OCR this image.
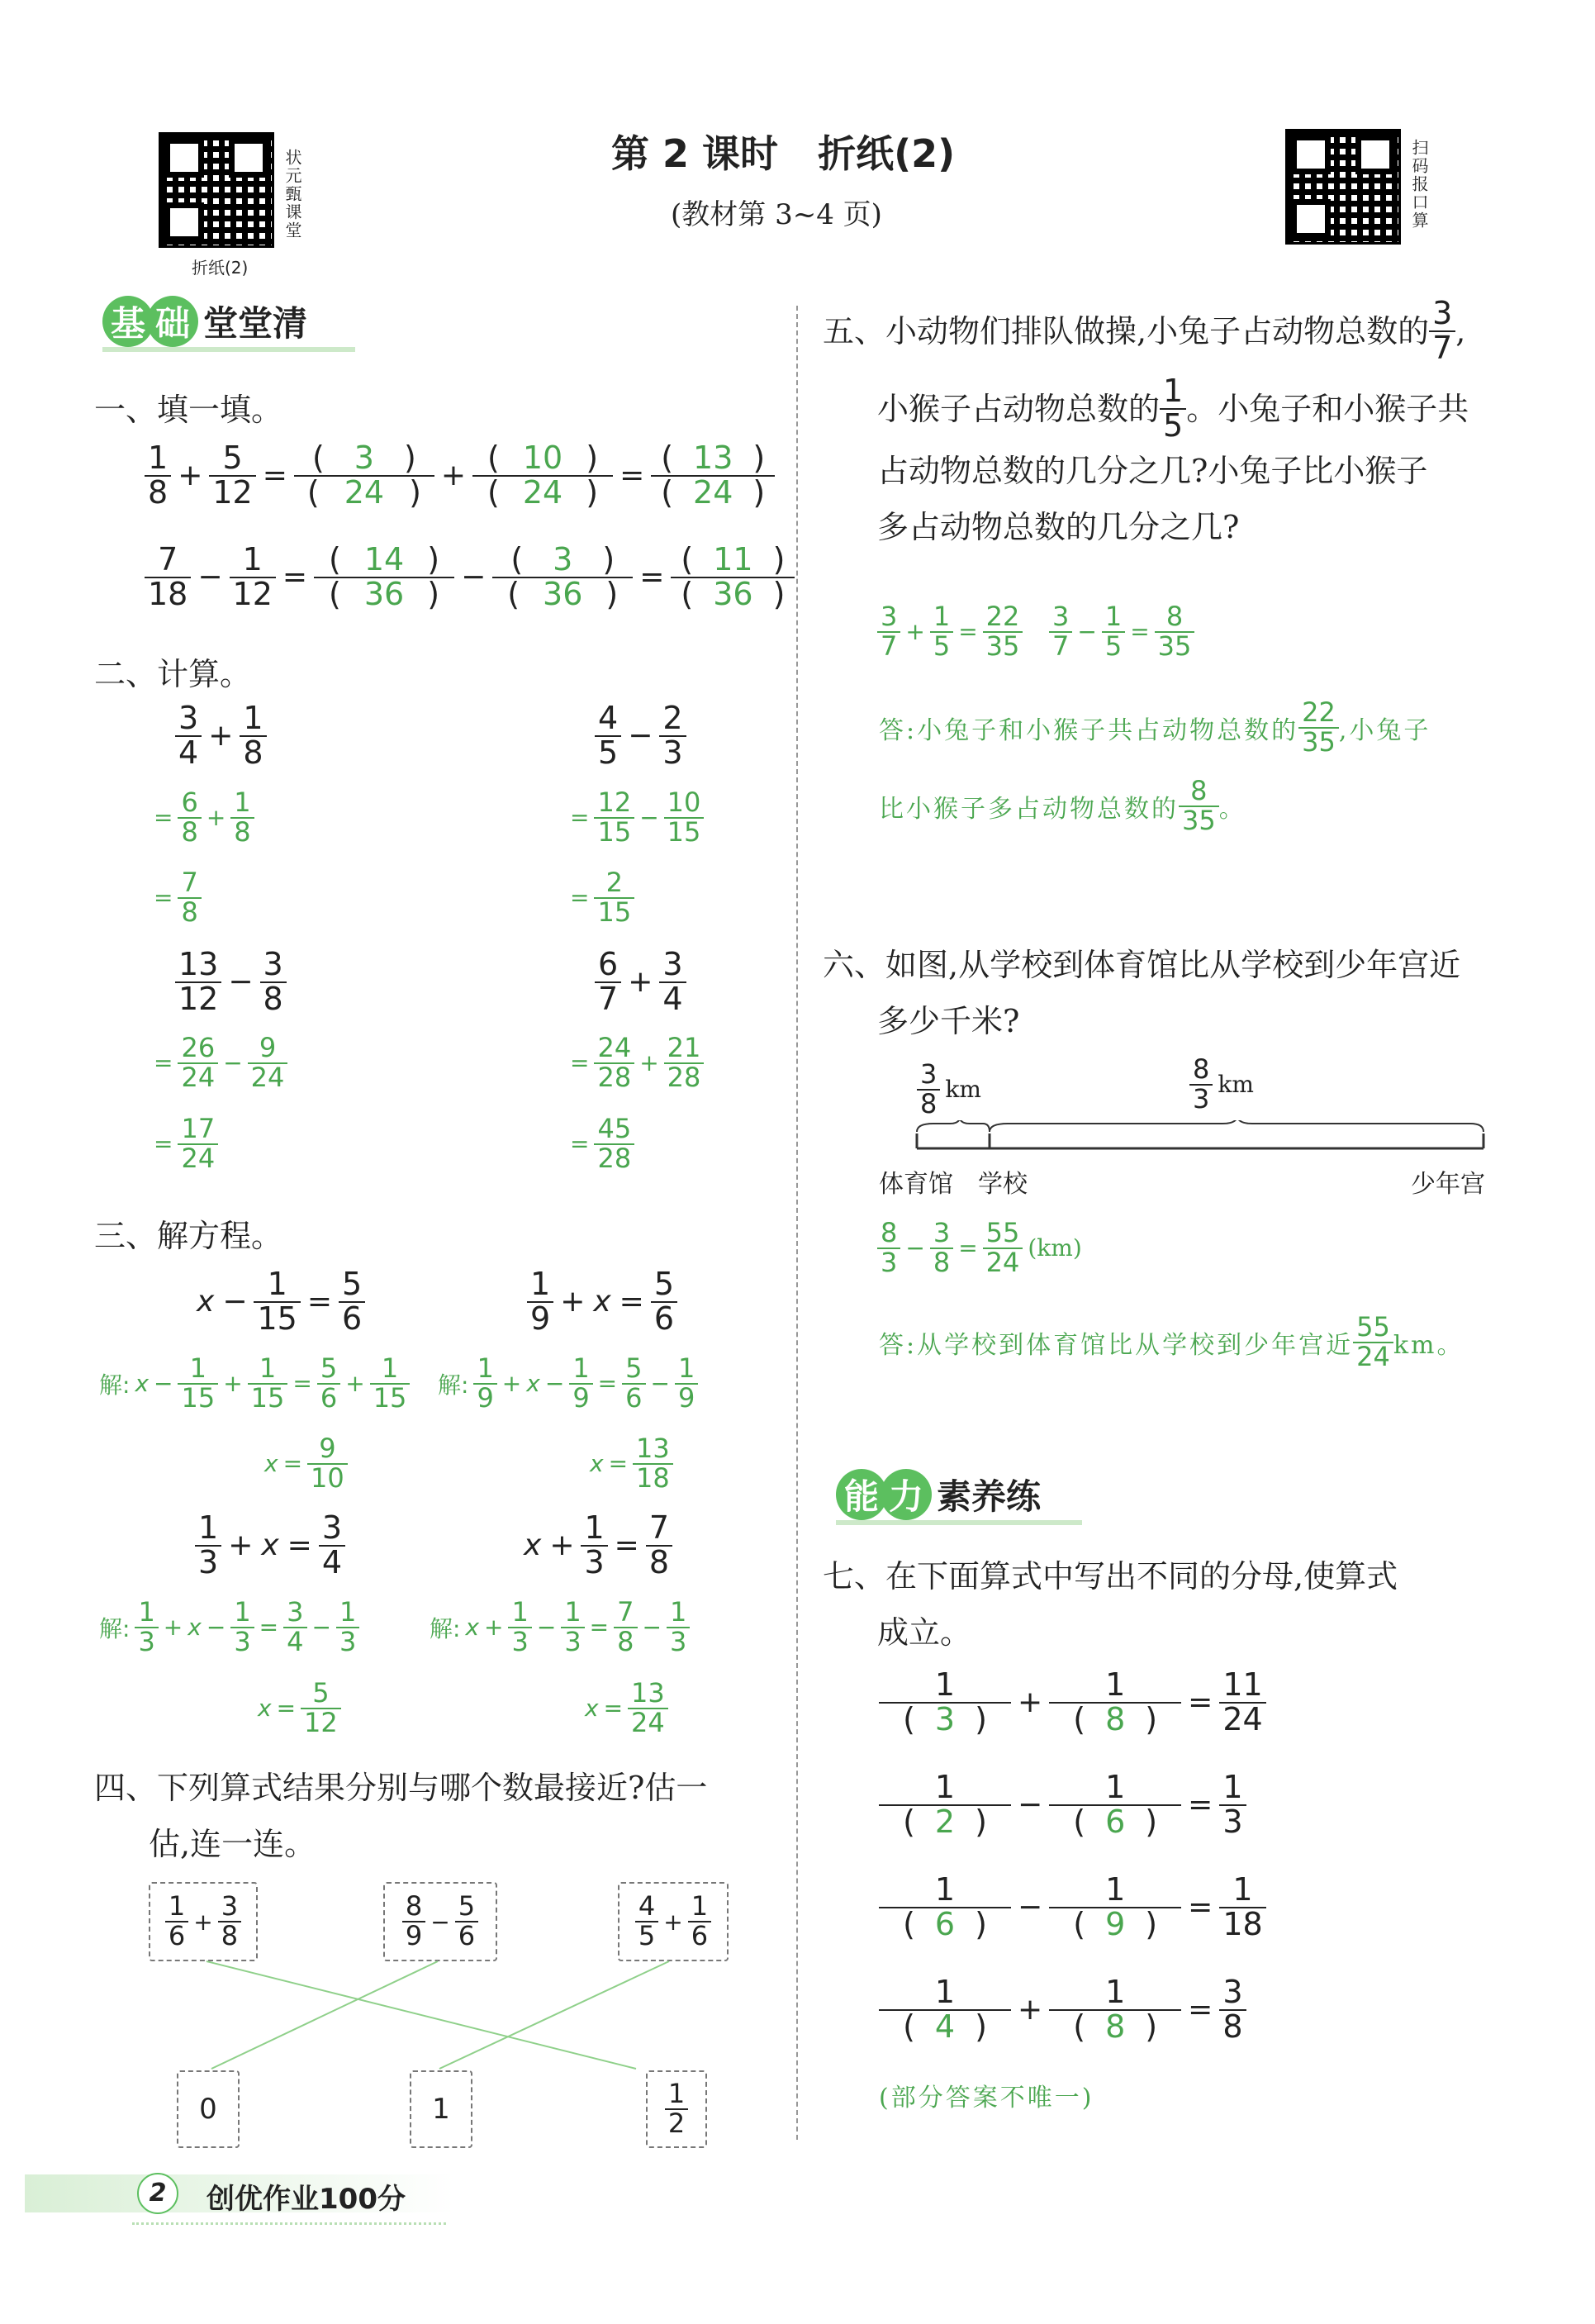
状元甄课堂
折纸(2)
第 2 课时   折纸(2)
(教材第 3~4 页)	扫码报口算
基 础 堂堂清
一、填一填。
$\frac{1}{8} + \frac{5}{12} = \frac{( 3 )}{( 24 )} + \frac{( 10 )}{( 24 )} = \frac{( 13 )}{( 24 )}$
$\frac{7}{18} - \frac{1}{12} = \frac{( 14 )}{( 36 )} - \frac{( 3 )}{( 36 )} = \frac{( 11 )}{( 36 )}$
二、计算。
$\frac{3}{4} + \frac{1}{8}$
= $\frac{6}{8} + \frac{1}{8}$
= $\frac{7}{8}$
$\frac{4}{5} - \frac{2}{3}$
= $\frac{12}{15} - \frac{10}{15}$
= $\frac{2}{15}$
$\frac{13}{12} - \frac{3}{8}$
= $\frac{26}{24} - \frac{9}{24}$
= $\frac{17}{24}$
$\frac{6}{7} + \frac{3}{4}$
= $\frac{24}{28} + \frac{21}{28}$
= $\frac{45}{28}$
三、解方程。
$x - \frac{1}{15} = \frac{5}{6}$
解: $x - \frac{1}{15} + \frac{1}{15} = \frac{5}{6} + \frac{1}{15}$
$x = \frac{9}{10}$
$\frac{1}{9} + x = \frac{5}{6}$
解: $\frac{1}{9} + x - \frac{1}{9} = \frac{5}{6} - \frac{1}{9}$
$x = \frac{13}{18}$
$\frac{1}{3} + x = \frac{3}{4}$
解: $\frac{1}{3} + x - \frac{1}{3} = \frac{3}{4} - \frac{1}{3}$
$x = \frac{5}{12}$
$x + \frac{1}{3} = \frac{7}{8}$
解: $x + \frac{1}{3} - \frac{1}{3} = \frac{7}{8} - \frac{1}{3}$
$x = \frac{13}{24}$
四、下列算式结果分别与哪个数最接近?估一
估,连一连。
$\frac{1}{6} + \frac{3}{8}$	$\frac{8}{9} - \frac{5}{6}$	$\frac{4}{5} + \frac{1}{6}$
0	1	$\frac{1}{2}$
五、小动物们排队做操,小兔子占动物总数的 $\frac{3}{7}$ ,
小猴子占动物总数的 $\frac{1}{5}$ 。小兔子和小猴子共
占动物总数的几分之几?小兔子比小猴子
多占动物总数的几分之几?
$\frac{3}{7} + \frac{1}{5} = \frac{22}{35} \frac{3}{7} - \frac{1}{5} = \frac{8}{35}$
答:小兔子和小猴子共占动物总数的 $\frac{22}{35}$ ,小兔子
比小猴子多占动物总数的 $\frac{8}{35}$ 。
六、如图,从学校到体育馆比从学校到少年宫近
多少千米?
$\frac{3}{8}$ km	$\frac{8}{3}$ km
体育馆 学校	少年宫
$\frac{8}{3} - \frac{3}{8} = \frac{55}{24} (km)$
答:从学校到体育馆比从学校到少年宫近 $\frac{55}{24}$ km。
能 力 素养练
七、在下面算式中写出不同的分母,使算式
成立。
$\frac{1}{( 3 )} + \frac{1}{( 8 )} = \frac{11}{24}$
$\frac{1}{( 2 )} - \frac{1}{( 6 )} = \frac{1}{3}$
$\frac{1}{( 6 )} - \frac{1}{( 9 )} = \frac{1}{18}$
$\frac{1}{( 4 )} + \frac{1}{( 8 )} = \frac{3}{8}$
(部分答案不唯一)
2	创优作业100分
